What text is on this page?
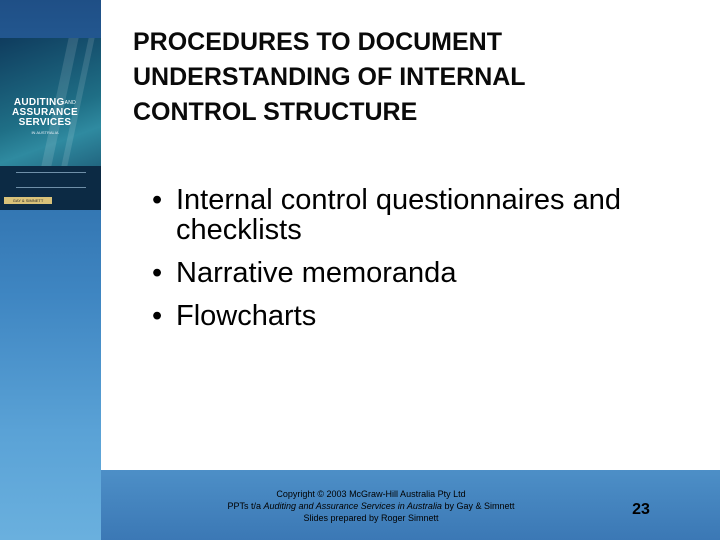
$AUDITING^{AND}$
ASSURANCE
SERVICES
IN AUSTRALIA
GAY & SIMNETT
PROCEDURES TO DOCUMENT
UNDERSTANDING OF INTERNAL
CONTROL STRUCTURE
• Internal control questionnaires and checklists
• Narrative memoranda
• Flowcharts
Copyright © 2003 McGraw-Hill Australia Pty Ltd
PPTs t/a Auditing and Assurance Services in Australia by Gay & Simnett
Slides prepared by Roger Simnett	23
